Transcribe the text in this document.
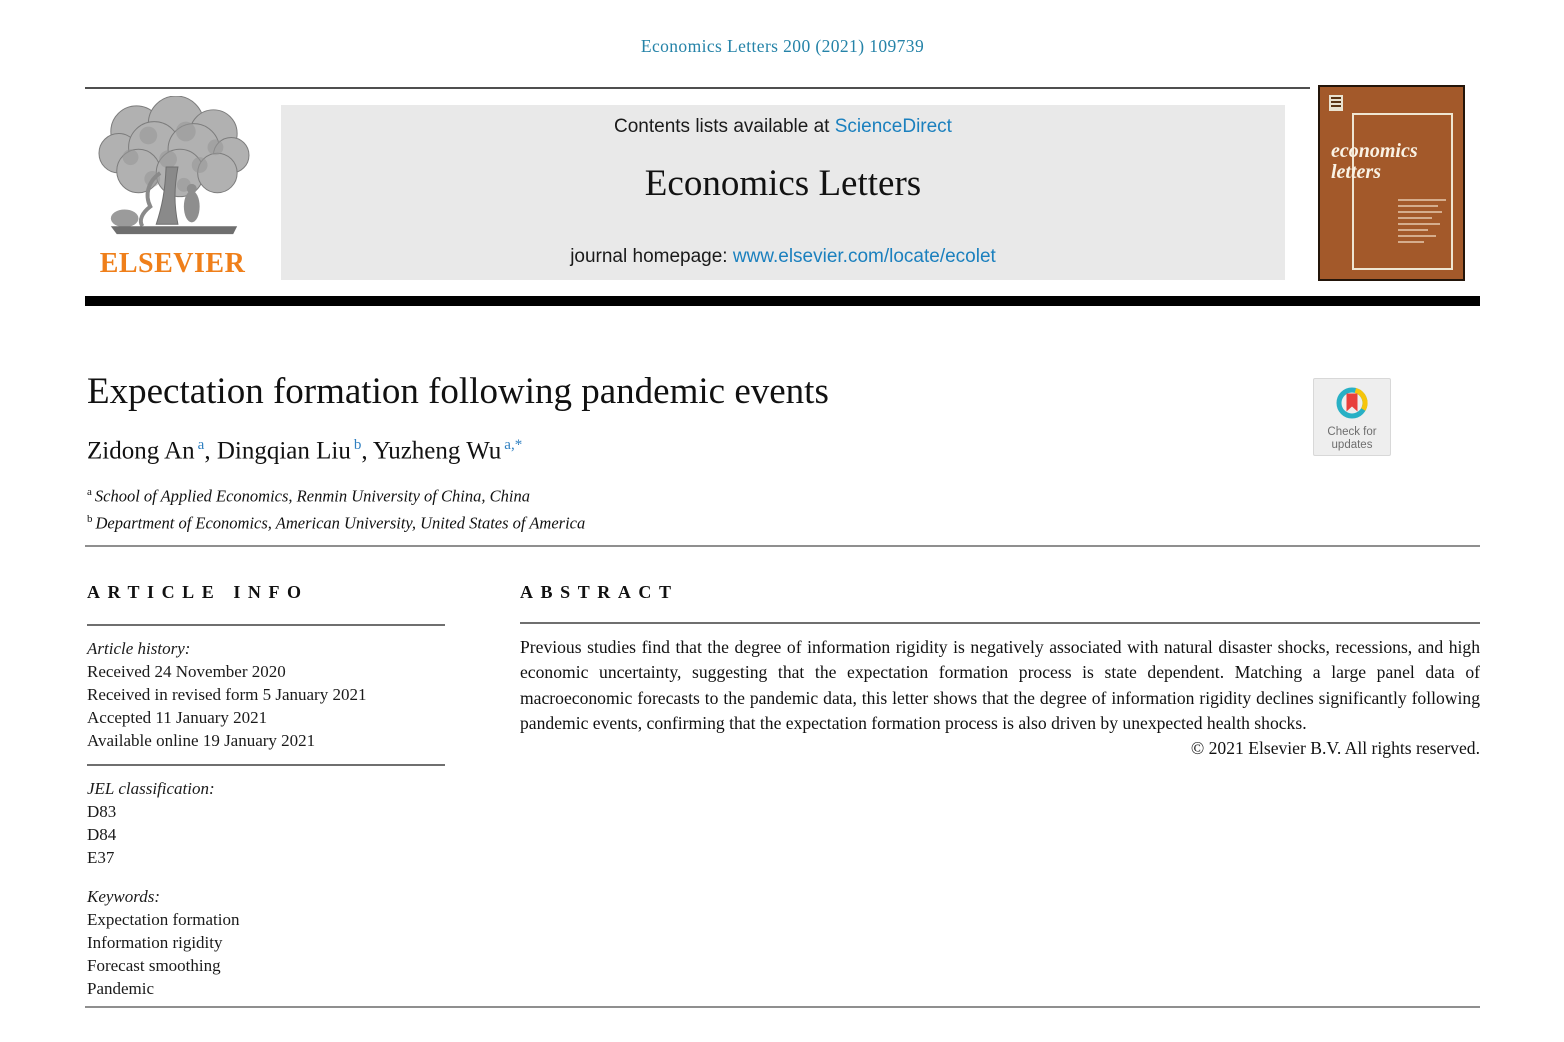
Economics Letters 200 (2021) 109739
ELSEVIER
Contents lists available at ScienceDirect
Economics Letters
journal homepage: www.elsevier.com/locate/ecolet
economics
letters
Check for
updates
Expectation formation following pandemic events
Zidong An $^a$, Dingqian Liu $^b$, Yuzheng Wu $^{a,*}$
$^a$ School of Applied Economics, Renmin University of China, China
$^b$ Department of Economics, American University, United States of America
ARTICLE INFO
Article history:
Received 24 November 2020
Received in revised form 5 January 2021
Accepted 11 January 2021
Available online 19 January 2021
JEL classification:
D83
D84
E37
Keywords:
Expectation formation
Information rigidity
Forecast smoothing
Pandemic
ABSTRACT
Previous studies find that the degree of information rigidity is negatively associated with natural disaster shocks, recessions, and high economic uncertainty, suggesting that the expectation formation process is state dependent. Matching a large panel data of macroeconomic forecasts to the pandemic data, this letter shows that the degree of information rigidity declines significantly following pandemic events, confirming that the expectation formation process is also driven by unexpected health shocks.
© 2021 Elsevier B.V. All rights reserved.
